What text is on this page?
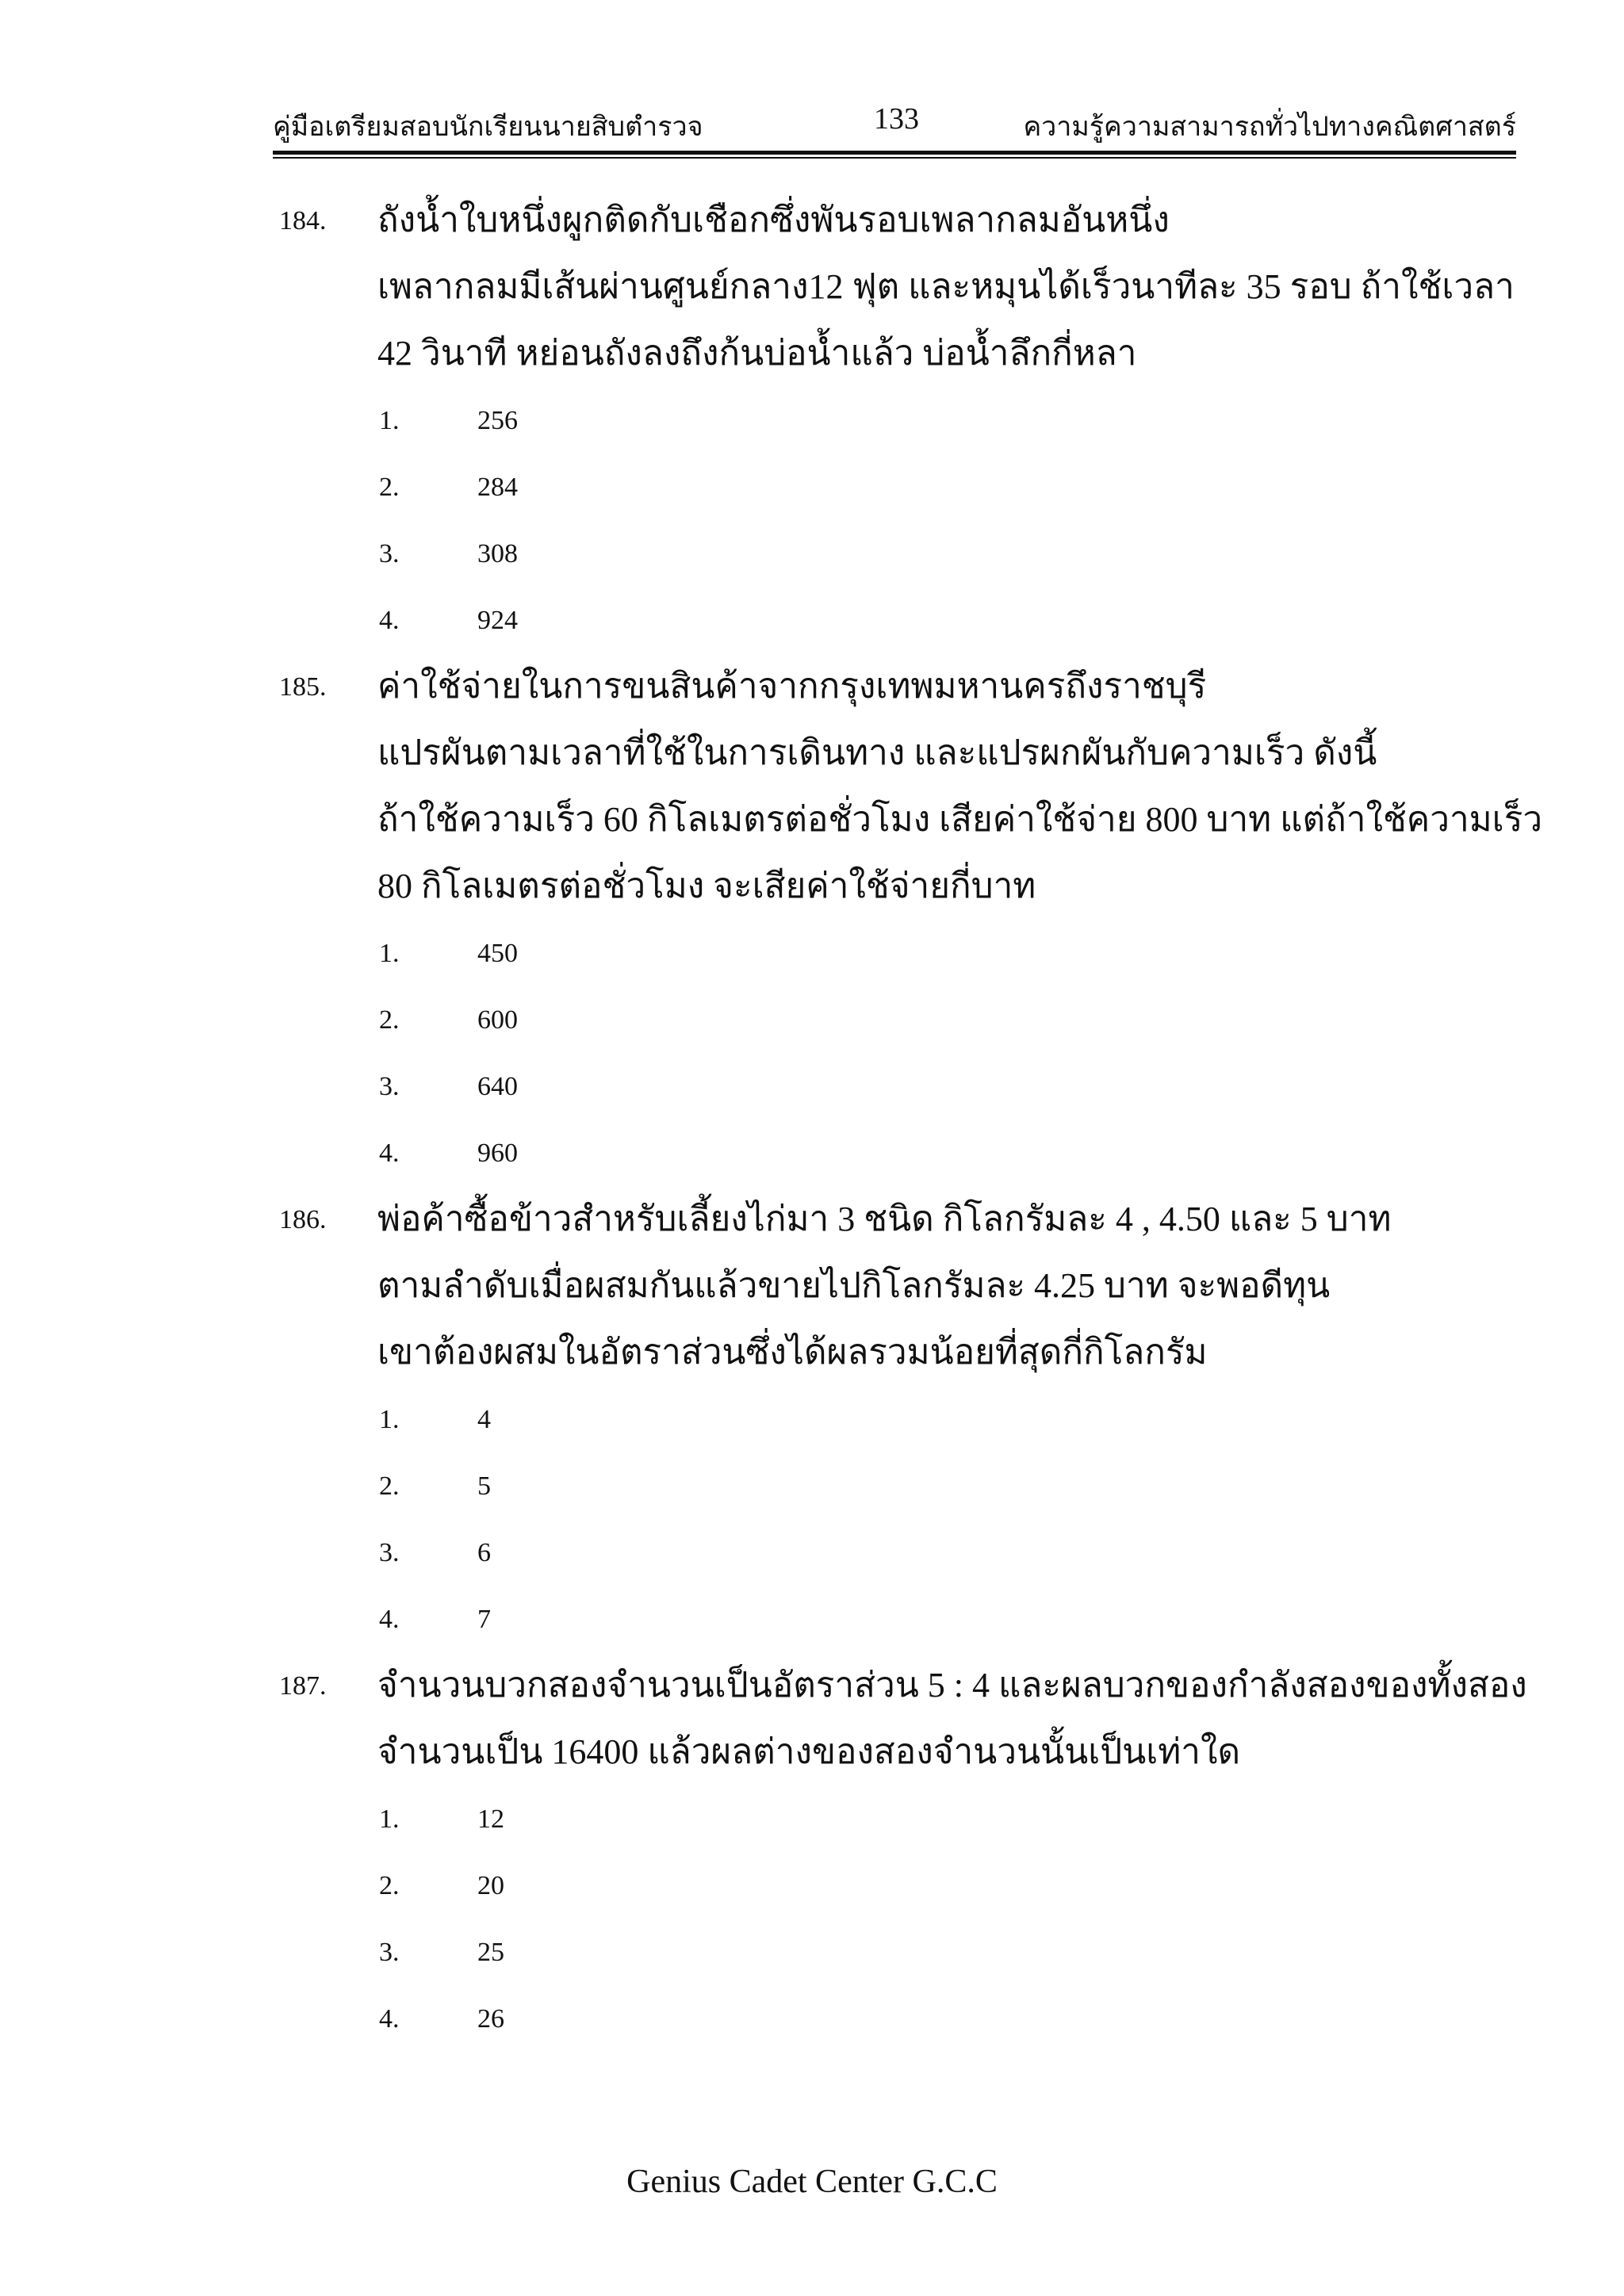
คู่มือเตรียมสอบนักเรียนนายสิบตำรวจ	133	ความรู้ความสามารถทั่วไปทางคณิตศาสตร์
184. ถังน้ำใบหนึ่งผูกติดกับเชือกซึ่งพันรอบเพลากลมอันหนึ่ง
เพลากลมมีเส้นผ่านศูนย์กลาง12 ฟุต และหมุนได้เร็วนาทีละ 35 รอบ ถ้าใช้เวลา
42 วินาที หย่อนถังลงถึงก้นบ่อน้ำแล้ว บ่อน้ำลึกกี่หลา
1.	256
2.	284
3.	308
4.	924
185. ค่าใช้จ่ายในการขนสินค้าจากกรุงเทพมหานครถึงราชบุรี
แปรผันตามเวลาที่ใช้ในการเดินทาง และแปรผกผันกับความเร็ว ดังนี้
ถ้าใช้ความเร็ว 60 กิโลเมตรต่อชั่วโมง เสียค่าใช้จ่าย 800 บาท แต่ถ้าใช้ความเร็ว
80 กิโลเมตรต่อชั่วโมง จะเสียค่าใช้จ่ายกี่บาท
1.	450
2.	600
3.	640
4.	960
186. พ่อค้าซื้อข้าวสำหรับเลี้ยงไก่มา 3 ชนิด กิโลกรัมละ 4 , 4.50 และ 5 บาท
ตามลำดับเมื่อผสมกันแล้วขายไปกิโลกรัมละ 4.25 บาท จะพอดีทุน
เขาต้องผสมในอัตราส่วนซึ่งได้ผลรวมน้อยที่สุดกี่กิโลกรัม
1.	4
2.	5
3.	6
4.	7
187. จำนวนบวกสองจำนวนเป็นอัตราส่วน 5 : 4 และผลบวกของกำลังสองของทั้งสอง
จำนวนเป็น 16400 แล้วผลต่างของสองจำนวนนั้นเป็นเท่าใด
1.	12
2.	20
3.	25
4.	26
Genius Cadet Center G.C.C
